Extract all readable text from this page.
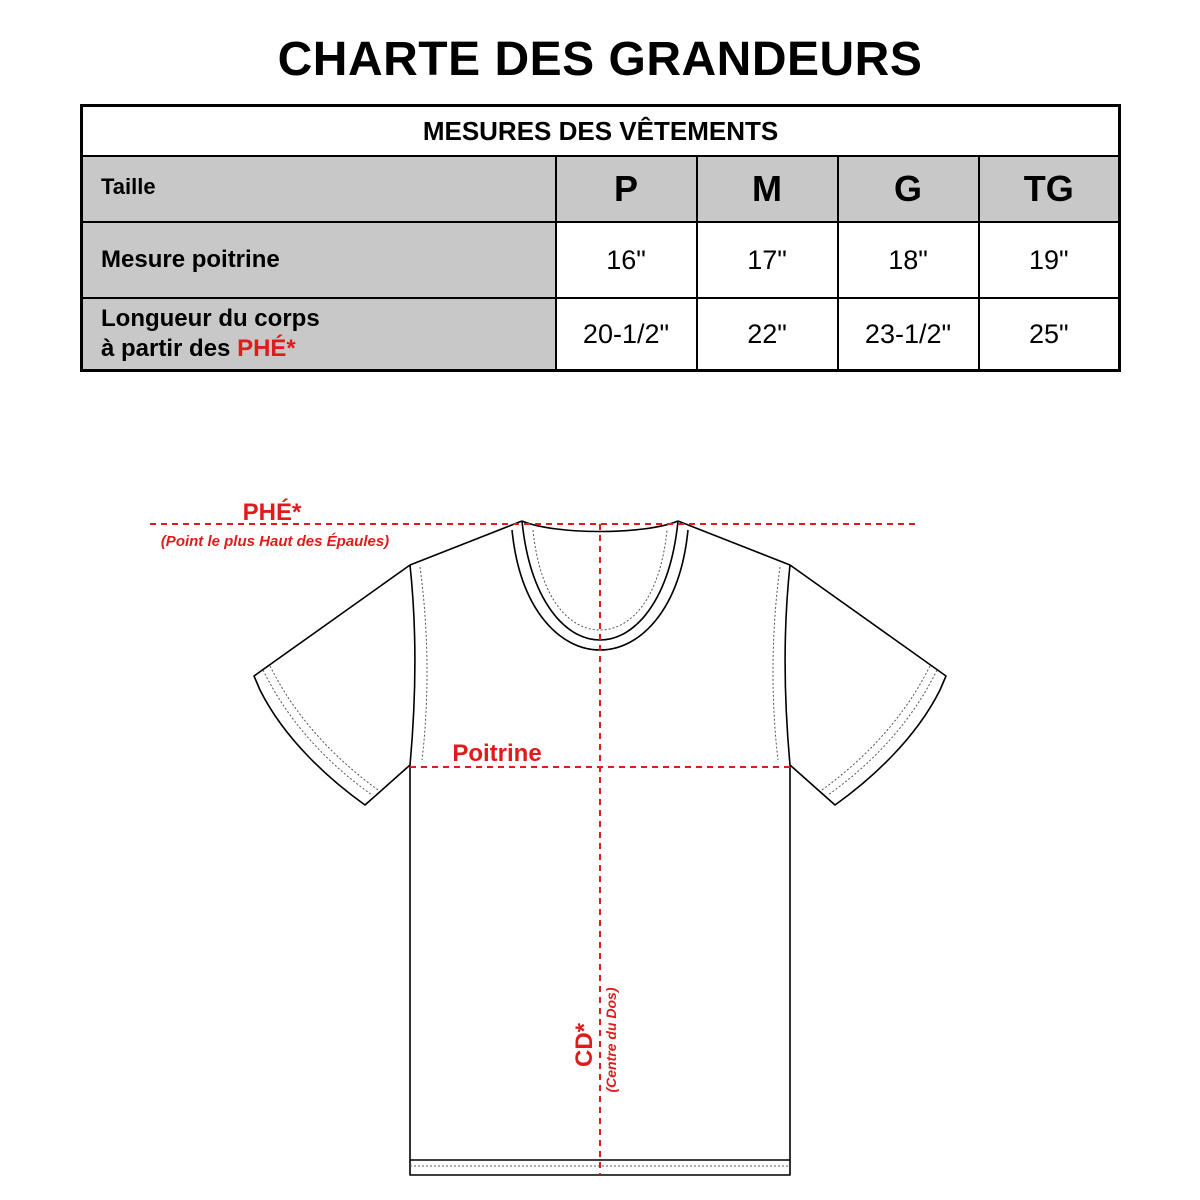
CHARTE DES GRANDEURS
MESURES DES VÊTEMENTS				
Taille	P	M	G	TG
Mesure poitrine	16"	17"	18"	19"

Longueur du corps
à partir des PHÉ*	20-1/2"	22"	23-1/2"	25"
PHÉ*
(Point le plus Haut des Épaules)
Poitrine
CD* (Centre du Dos)
